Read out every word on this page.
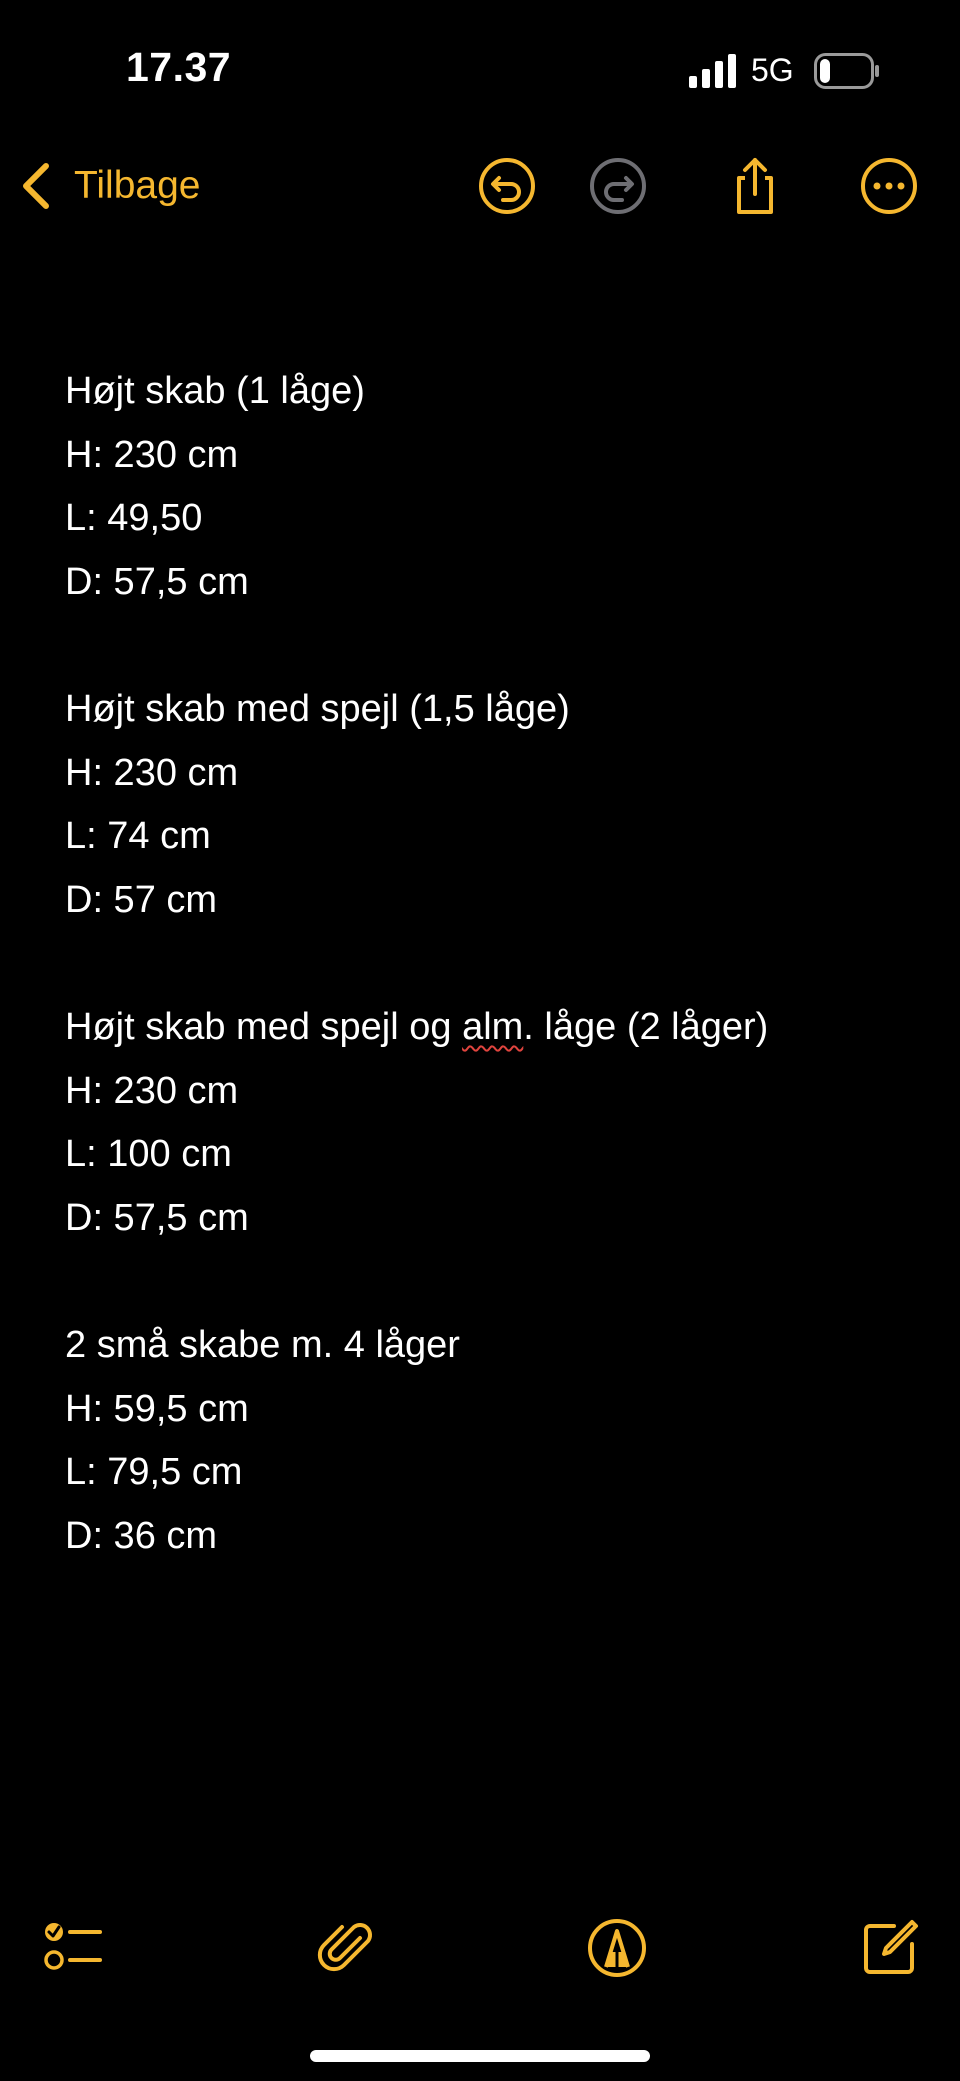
17.37	5G
Tilbage
Højt skab (1 låge)
H: 230 cm
L: 49,50
D: 57,5 cm
Højt skab med spejl (1,5 låge)
H: 230 cm
L: 74 cm
D: 57 cm
Højt skab med spejl og alm. låge (2 låger)
H: 230 cm
L: 100 cm
D: 57,5 cm
2 små skabe m. 4 låger
H: 59,5 cm
L: 79,5 cm
D: 36 cm
